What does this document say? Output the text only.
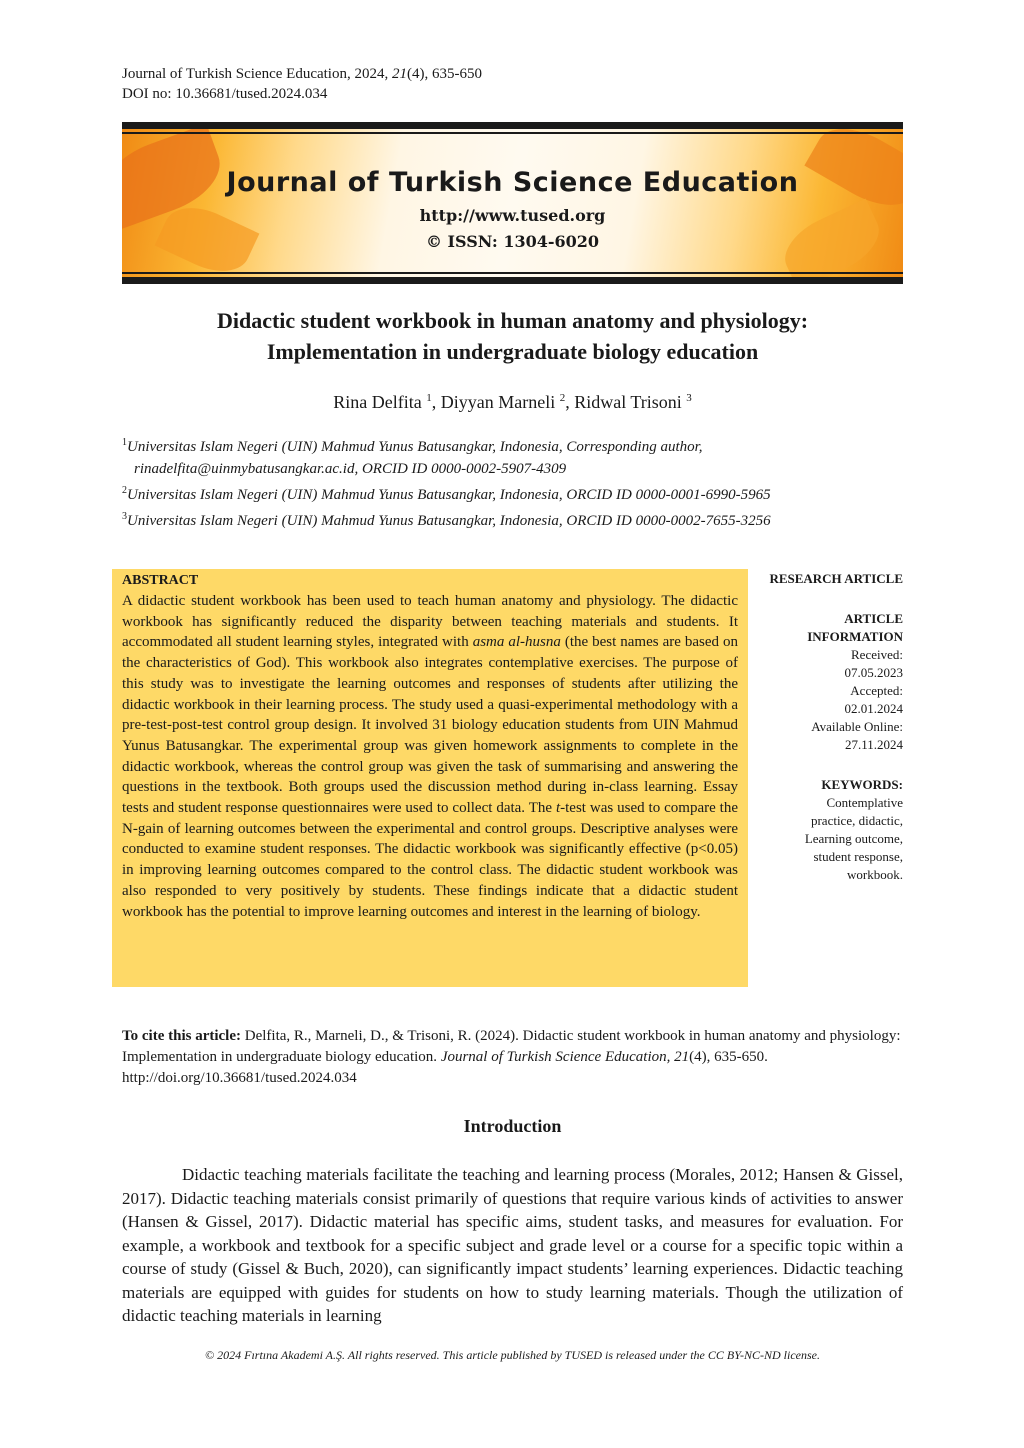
Journal of Turkish Science Education, 2024, 21(4), 635-650
DOI no: 10.36681/tused.2024.034
Journal of Turkish Science Education
http://www.tused.org
© ISSN: 1304-6020
Didactic student workbook in human anatomy and physiology:
Implementation in undergraduate biology education
Rina Delfita $^1$, Diyyan Marneli $^2$, Ridwal Trisoni $^3$

$^1$Universitas Islam Negeri (UIN) Mahmud Yunus Batusangkar, Indonesia, Corresponding author,
rinadelfita@uinmybatusangkar.ac.id, ORCID ID 0000-0002-5907-4309

$^2$Universitas Islam Negeri (UIN) Mahmud Yunus Batusangkar, Indonesia, ORCID ID 0000-0001-6990-5965

$^3$Universitas Islam Negeri (UIN) Mahmud Yunus Batusangkar, Indonesia, ORCID ID 0000-0002-7655-3256

ABSTRACT

A didactic student workbook has been used to teach human anatomy and physiology. The didactic workbook has significantly reduced the disparity between teaching materials and students. It accommodated all student learning styles, integrated with asma al-husna (the best names are based on the characteristics of God). This workbook also integrates contemplative exercises. The purpose of this study was to investigate the learning outcomes and responses of students after utilizing the didactic workbook in their learning process. The study used a quasi-experimental methodology with a pre-test-post-test control group design. It involved 31 biology education students from UIN Mahmud Yunus Batusangkar. The experimental group was given homework assignments to complete in the didactic workbook, whereas the control group was given the task of summarising and answering the questions in the textbook. Both groups used the discussion method during in-class learning. Essay tests and student response questionnaires were used to collect data. The t-test was used to compare the N-gain of learning outcomes between the experimental and control groups. Descriptive analyses were conducted to examine student responses. The didactic workbook was significantly effective (p<0.05) in improving learning outcomes compared to the control class. The didactic student workbook was also responded to very positively by students. These findings indicate that a didactic student workbook has the potential to improve learning outcomes and interest in the learning of biology.

RESEARCH ARTICLE
ARTICLE
INFORMATION
Received:
07.05.2023
Accepted:
02.01.2024
Available Online:
27.11.2024
KEYWORDS:
Contemplative
practice, didactic,
Learning outcome,
student response,
workbook.
To cite this article: Delfita, R., Marneli, D., & Trisoni, R. (2024). Didactic student workbook in human anatomy and physiology: Implementation in undergraduate biology education. Journal of Turkish Science Education, 21(4), 635-650. http://doi.org/10.36681/tused.2024.034
Introduction

Didactic teaching materials facilitate the teaching and learning process (Morales, 2012; Hansen & Gissel, 2017). Didactic teaching materials consist primarily of questions that require various kinds of activities to answer (Hansen & Gissel, 2017). Didactic material has specific aims, student tasks, and measures for evaluation. For example, a workbook and textbook for a specific subject and grade level or a course for a specific topic within a course of study (Gissel & Buch, 2020), can significantly impact students’ learning experiences. Didactic teaching materials are equipped with guides for students on how to study learning materials. Though the utilization of didactic teaching materials in learning

© 2024 Fırtına Akademi A.Ş. All rights reserved. This article published by TUSED is released under the CC BY-NC-ND license.
